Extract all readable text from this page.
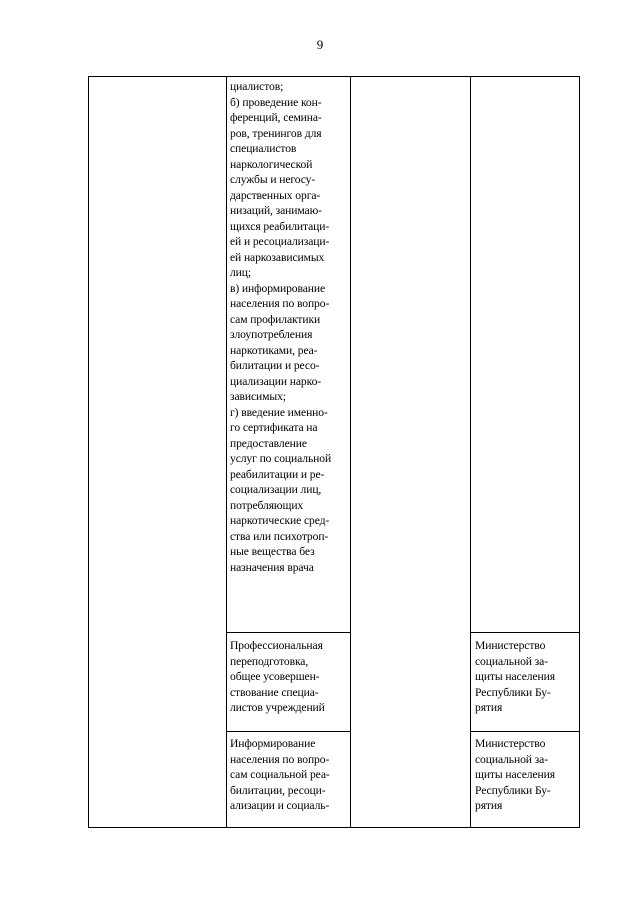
9
циалистов;
б) проведение кон-
ференций, семина-
ров, тренингов для
специалистов
наркологической
службы и негосу-
дарственных орга-
низаций, занимаю-
щихся реабилитаци-
ей и ресоциализаци-
ей наркозависимых
лиц;
в) информирование
населения по вопро-
сам профилактики
злоупотребления
наркотиками, реа-
билитации и ресо-
циализации нарко-
зависимых;
г) введение именно-
го сертификата на
предоставление
услуг по социальной
реабилитации и ре-
социализации лиц,
потребляющих
наркотические сред-
ства или психотроп-
ные вещества без
назначения врача
Профессиональная
переподготовка,
общее усовершен-
ствование специа-
листов учреждений
Министерство
социальной за-
щиты населения
Республики Бу-
рятия
Информирование
населения по вопро-
сам социальной реа-
билитации, ресоци-
ализации и социаль-
Министерство
социальной за-
щиты населения
Республики Бу-
рятия
